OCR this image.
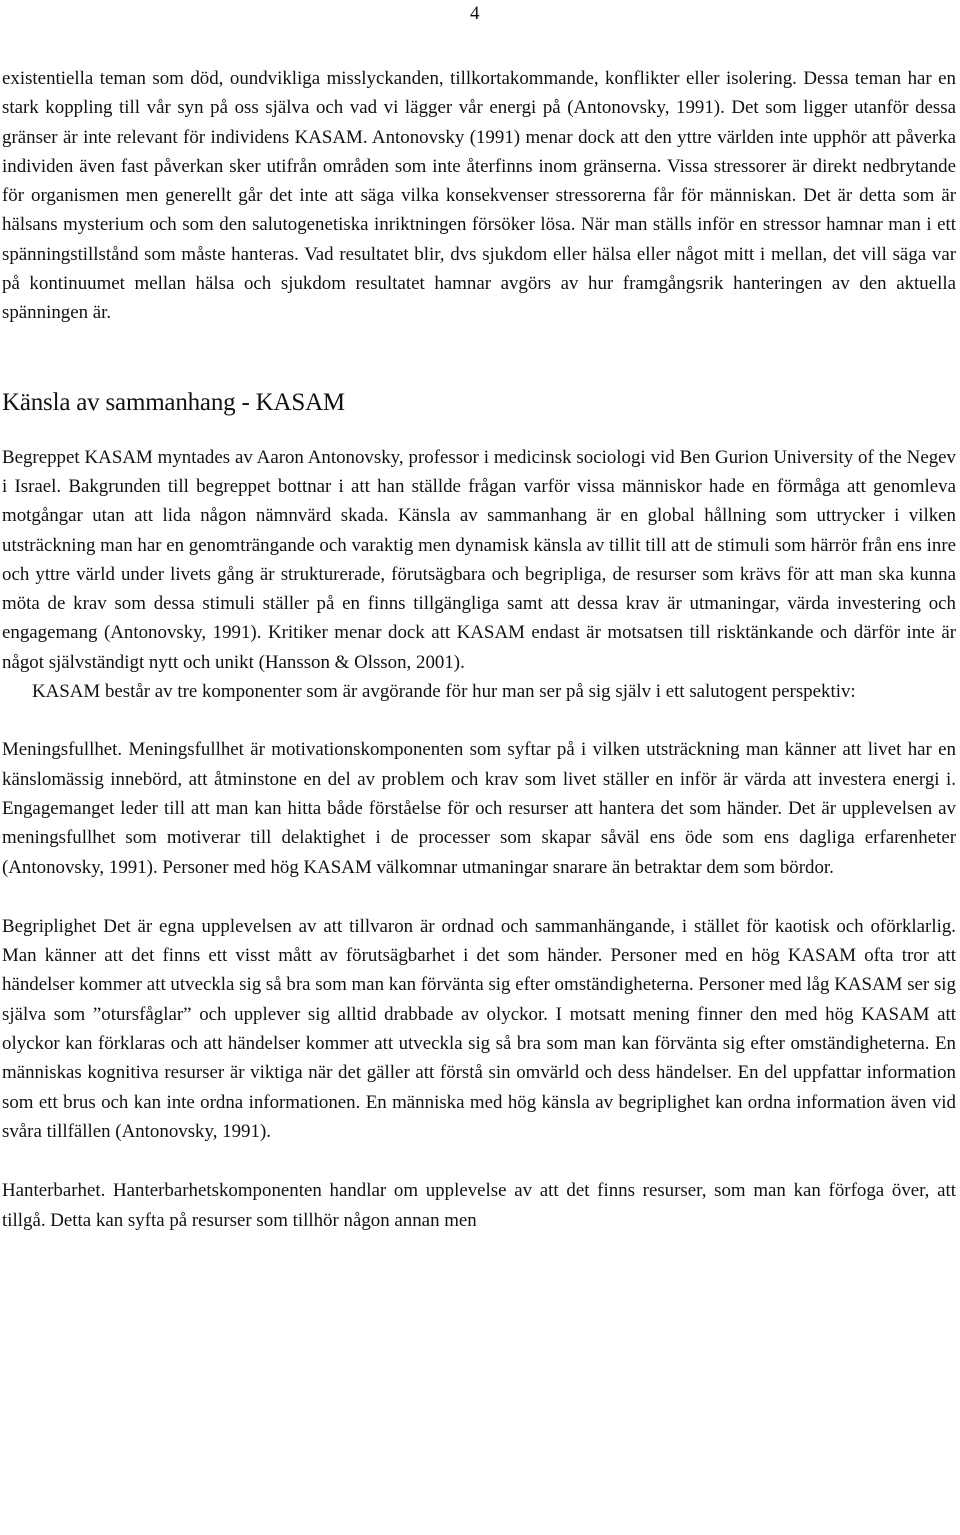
4

existentiella teman som död, oundvikliga misslyckanden, tillkortakommande, konflikter eller isolering. Dessa teman har en stark koppling till vår syn på oss själva och vad vi lägger vår energi på (Antonovsky, 1991). Det som ligger utanför dessa gränser är inte relevant för individens KASAM. Antonovsky (1991) menar dock att den yttre världen inte upphör att påverka individen även fast påverkan sker utifrån områden som inte återfinns inom gränserna. Vissa stressorer är direkt nedbrytande för organismen men generellt går det inte att säga vilka konsekvenser stressorerna får för människan. Det är detta som är hälsans mysterium och som den salutogenetiska inriktningen försöker lösa. När man ställs inför en stressor hamnar man i ett spänningstillstånd som måste hanteras. Vad resultatet blir, dvs sjukdom eller hälsa eller något mitt i mellan, det vill säga var på kontinuumet mellan hälsa och sjukdom resultatet hamnar avgörs av hur framgångsrik hanteringen av den aktuella spänningen är.

Känsla av sammanhang - KASAM

Begreppet KASAM myntades av Aaron Antonovsky, professor i medicinsk sociologi vid Ben Gurion University of the Negev i Israel. Bakgrunden till begreppet bottnar i att han ställde frågan varför vissa människor hade en förmåga att genomleva motgångar utan att lida någon nämnvärd skada. Känsla av sammanhang är en global hållning som uttrycker i vilken utsträckning man har en genomträngande och varaktig men dynamisk känsla av tillit till att de stimuli som härrör från ens inre och yttre värld under livets gång är strukturerade, förutsägbara och begripliga, de resurser som krävs för att man ska kunna möta de krav som dessa stimuli ställer på en finns tillgängliga samt att dessa krav är utmaningar, värda investering och engagemang (Antonovsky, 1991). Kritiker menar dock att KASAM endast är motsatsen till risktänkande och därför inte är något självständigt nytt och unikt (Hansson & Olsson, 2001).

KASAM består av tre komponenter som är avgörande för hur man ser på sig själv i ett salutogent perspektiv:

Meningsfullhet. Meningsfullhet är motivationskomponenten som syftar på i vilken utsträckning man känner att livet har en känslomässig innebörd, att åtminstone en del av problem och krav som livet ställer en inför är värda att investera energi i. Engagemanget leder till att man kan hitta både förståelse för och resurser att hantera det som händer. Det är upplevelsen av meningsfullhet som motiverar till delaktighet i de processer som skapar såväl ens öde som ens dagliga erfarenheter (Antonovsky, 1991). Personer med hög KASAM välkomnar utmaningar snarare än betraktar dem som bördor.

Begriplighet Det är egna upplevelsen av att tillvaron är ordnad och sammanhängande, i stället för kaotisk och oförklarlig. Man känner att det finns ett visst mått av förutsägbarhet i det som händer. Personer med en hög KASAM ofta tror att händelser kommer att utveckla sig så bra som man kan förvänta sig efter omständigheterna. Personer med låg KASAM ser sig själva som ”otursfåglar” och upplever sig alltid drabbade av olyckor. I motsatt mening finner den med hög KASAM att olyckor kan förklaras och att händelser kommer att utveckla sig så bra som man kan förvänta sig efter omständigheterna. En människas kognitiva resurser är viktiga när det gäller att förstå sin omvärld och dess händelser. En del uppfattar information som ett brus och kan inte ordna informationen. En människa med hög känsla av begriplighet kan ordna information även vid svåra tillfällen (Antonovsky, 1991).

Hanterbarhet. Hanterbarhetskomponenten handlar om upplevelse av att det finns resurser, som man kan förfoga över, att tillgå. Detta kan syfta på resurser som tillhör någon annan men
